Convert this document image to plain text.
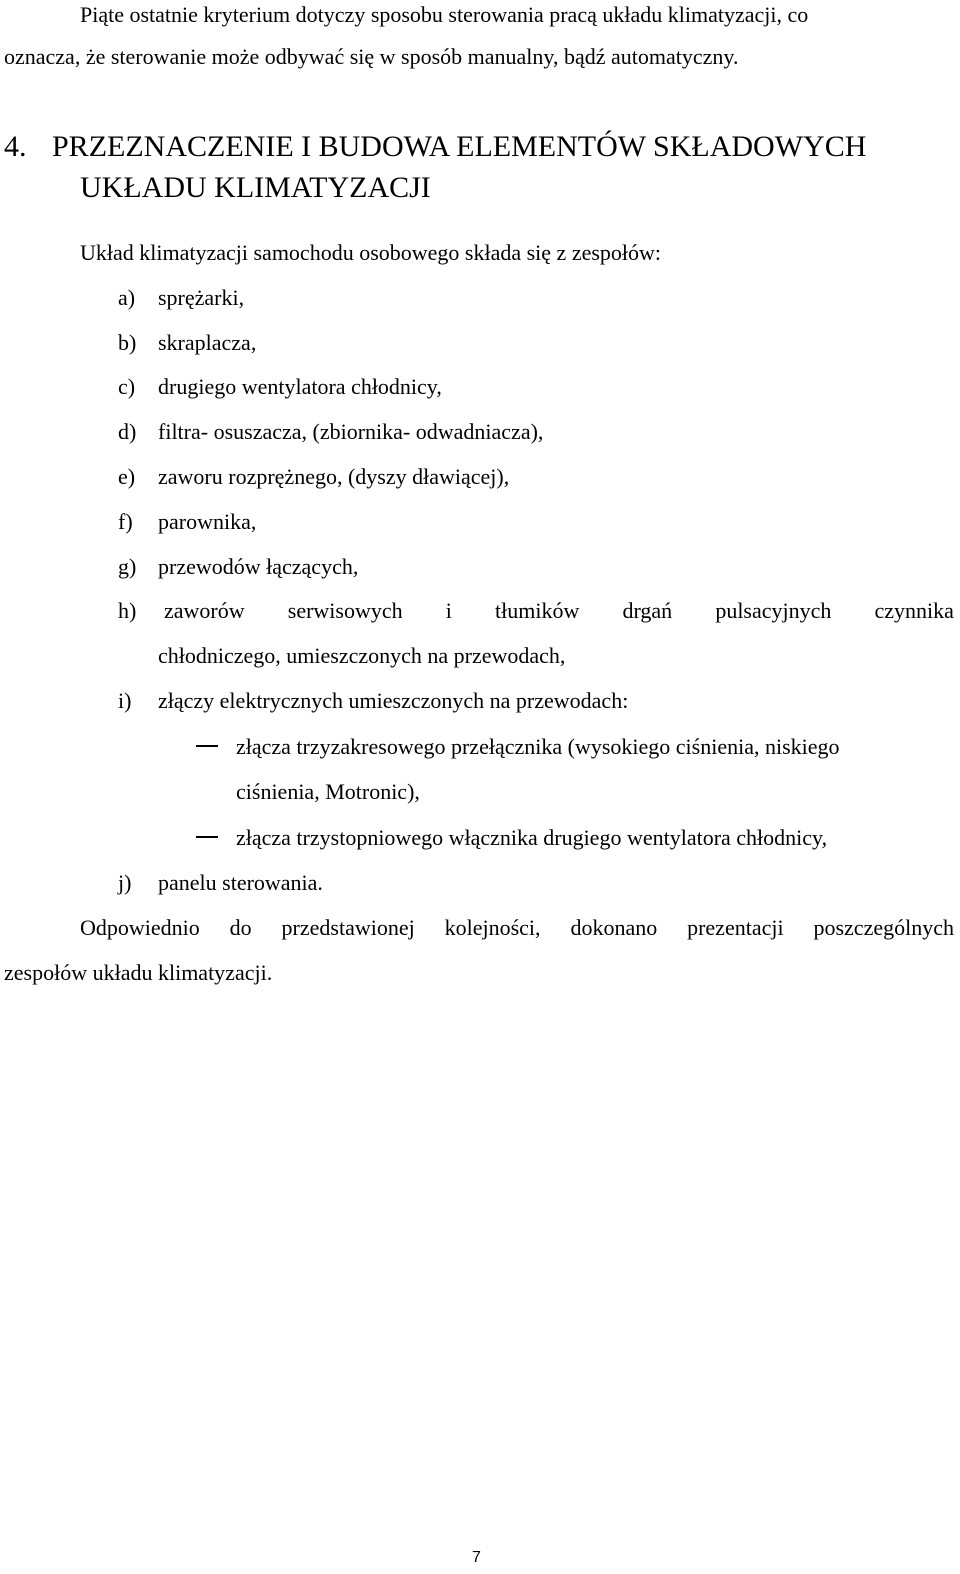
Piąte ostatnie kryterium dotyczy sposobu sterowania pracą układu klimatyzacji, co
oznacza, że sterowanie może odbywać się w sposób manualny, bądź automatyczny.
4. PRZEZNACZENIE I BUDOWA ELEMENTÓW SKŁADOWYCH
UKŁADU KLIMATYZACJI
Układ klimatyzacji samochodu osobowego składa się z zespołów:
a) sprężarki,
b) skraplacza,
c) drugiego wentylatora chłodnicy,
d) filtra- osuszacza, (zbiornika- odwadniacza),
e) zaworu rozprężnego, (dyszy dławiącej),
f) parownika,
g) przewodów łączących,
h) zaworów serwisowych i tłumików drgań pulsacyjnych czynnika
chłodniczego, umieszczonych na przewodach,
i) złączy elektrycznych umieszczonych na przewodach:
złącza trzyzakresowego przełącznika (wysokiego ciśnienia, niskiego
ciśnienia, Motronic),
złącza trzystopniowego włącznika drugiego wentylatora chłodnicy,
j) panelu sterowania.
Odpowiednio do przedstawionej kolejności, dokonano prezentacji poszczególnych
zespołów układu klimatyzacji.
7
